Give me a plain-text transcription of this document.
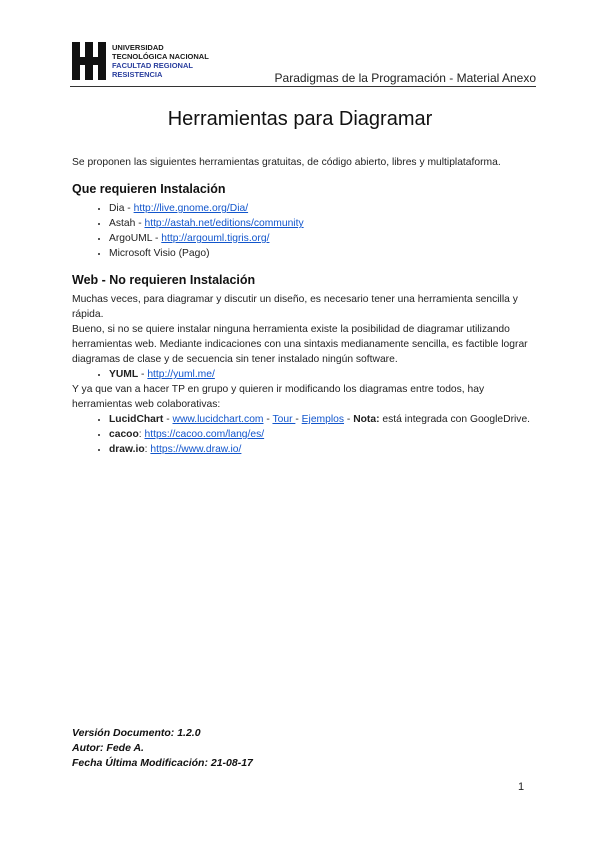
UNIVERSIDAD
TECNOLÓGICA NACIONAL
FACULTAD REGIONAL
RESISTENCIA	Paradigmas de la Programación - Material Anexo
Herramientas para Diagramar

Se proponen las siguientes herramientas gratuitas, de código abierto, libres y multiplataforma.

Que requieren Instalación
• Dia - http://live.gnome.org/Dia/
• Astah - http://astah.net/editions/community
• ArgoUML - http://argouml.tigris.org/
• Microsoft Visio (Pago)
Web - No requieren Instalación

Muchas veces, para diagramar y discutir un diseño, es necesario tener una herramienta sencilla y rápida.

Bueno, si no se quiere instalar ninguna herramienta existe la posibilidad de diagramar utilizando herramientas web. Mediante indicaciones con una sintaxis medianamente sencilla, es factible lograr diagramas de clase y de secuencia sin tener instalado ningún software.

• YUML - http://yuml.me/

Y ya que van a hacer TP en grupo y quieren ir modificando los diagramas entre todos, hay herramientas web colaborativas:

• LucidChart - www.lucidchart.com - Tour - Ejemplos - Nota: está integrada con GoogleDrive.
• cacoo: https://cacoo.com/lang/es/
• draw.io: https://www.draw.io/
Versión Documento: 1.2.0
Autor: Fede A.
Fecha Última Modificación: 21-08-17
1
